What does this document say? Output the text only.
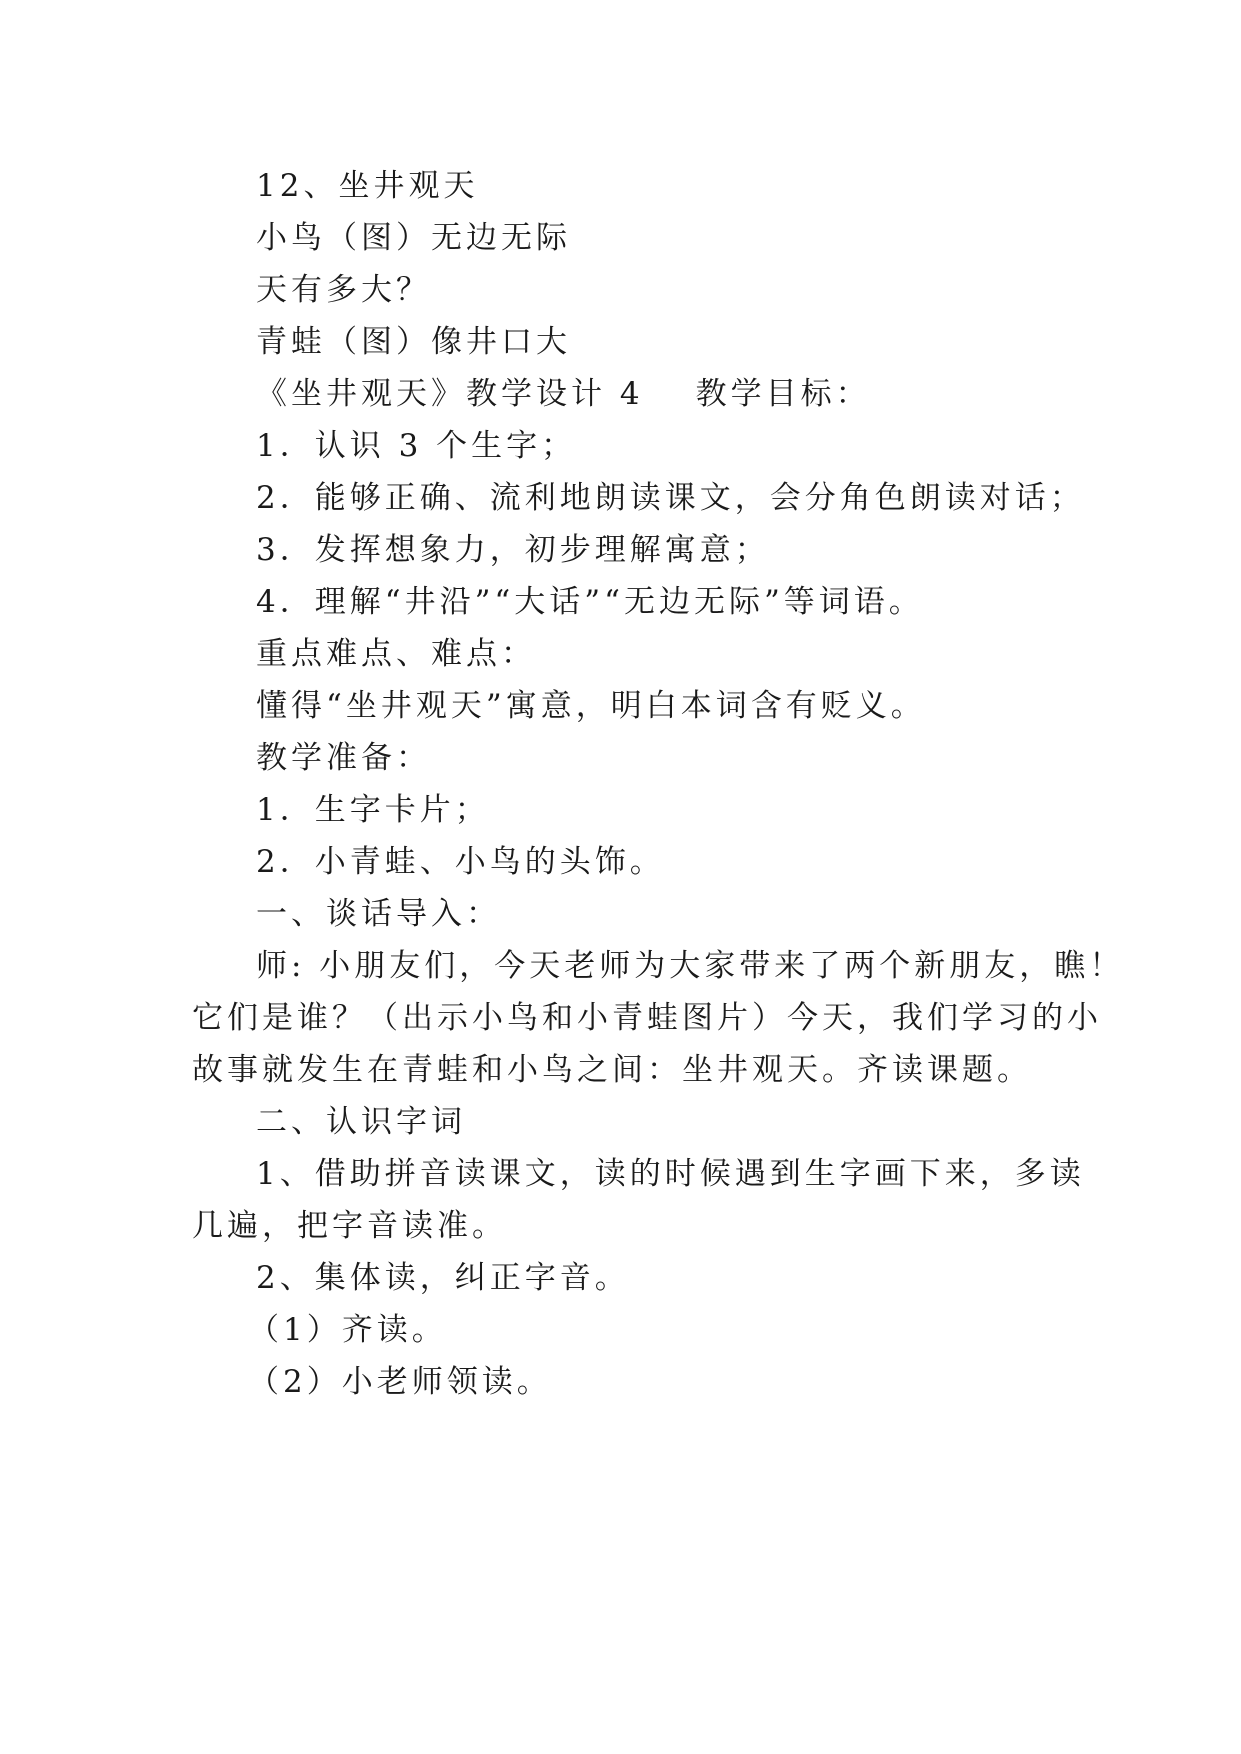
12、坐井观天
小鸟（图）无边无际
天有多大？
青蛙（图）像井口大
《坐井观天》教学设计 4 教学目标：
1．认识 3 个生字；
2．能够正确、流利地朗读课文，会分角色朗读对话；
3．发挥想象力，初步理解寓意；
4．理解“井沿”“大话”“无边无际”等词语。
重点难点、难点：
懂得“坐井观天”寓意，明白本词含有贬义。
教学准备：
1．生字卡片；
2．小青蛙、小鸟的头饰。
一、谈话导入：
师: 小朋友们，今天老师为大家带来了两个新朋友，瞧！
它们是谁？（出示小鸟和小青蛙图片）今天，我们学习的小
故事就发生在青蛙和小鸟之间：坐井观天。齐读课题。
二、认识字词
1、借助拼音读课文，读的时候遇到生字画下来，多读
几遍，把字音读准。
2、集体读，纠正字音。
（1）齐读。
（2）小老师领读。
